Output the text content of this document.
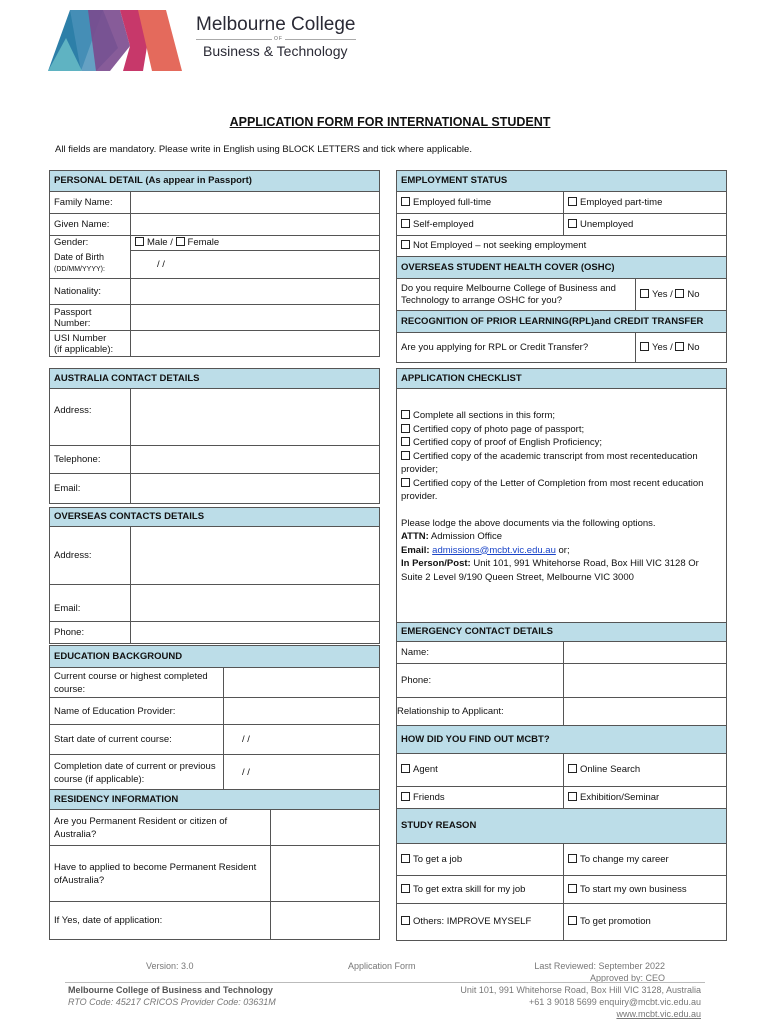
Melbourne College
OF
Business & Technology
APPLICATION FORM FOR INTERNATIONAL STUDENT
All fields are mandatory. Please write in English using BLOCK LETTERS and tick where applicable.
PERSONAL DETAIL (As appear in Passport)	
Family Name:	
Given Name:	
Gender:	Male / Female
Date of Birth
(DD/MM/YYYY):	/ /
Nationality:	
Passport
Number:	
USI Number
(if applicable):	
AUSTRALIA CONTACT DETAILS	
Address:	
Telephone:	
Email:	
OVERSEAS CONTACTS DETAILS	
Address:	
Email:	
Phone:	
EDUCATION BACKGROUND	
Current course or highest completed course:	
Name of Education Provider:	
Start date of current course:	/ /
Completion date of current or previous course (if applicable):	/ /
RESIDENCY INFORMATION	
Are you Permanent Resident or citizen of Australia?	
Have to applied to become Permanent Resident ofAustralia?	
If Yes, date of application:	
EMPLOYMENT STATUS		
Employed full-time	Employed part-time	
Self-employed	Unemployed	
Not Employed – not seeking employment		
OVERSEAS STUDENT HEALTH COVER (OSHC)		
Do you require Melbourne College of Business and Technology to arrange OSHC for you?		Yes / No
RECOGNITION OF PRIOR LEARNING(RPL)and CREDIT TRANSFER		
Are you applying for RPL or Credit Transfer?		Yes / No
APPLICATION CHECKLIST

Complete all sections in this form;
Certified copy of photo page of passport;
Certified copy of proof of English Proficiency;
Certified copy of the academic transcript from most recenteducation provider;
Certified copy of the Letter of Completion from most recent education provider.
Please lodge the above documents via the following options.
ATTN: Admission Office
Email: admissions@mcbt.vic.edu.au or;
In Person/Post: Unit 101, 991 Whitehorse Road, Box Hill VIC 3128 Or
Suite 2 Level 9/190 Queen Street, Melbourne VIC 3000
EMERGENCY CONTACT DETAILS	
Name:	
Phone:	
Relationship to Applicant:	
HOW DID YOU FIND OUT MCBT?	
Agent	Online Search
Friends	Exhibition/Seminar
STUDY REASON	
To get a job	To change my career
To get extra skill for my job	To start my own business
Others: IMPROVE MYSELF	To get promotion
Version: 3.0	Application Form	Last Reviewed: September 2022
Approved by: CEO
Melbourne College of Business and Technology
RTO Code: 45217 CRICOS Provider Code: 03631M
Unit 101, 991 Whitehorse Road, Box Hill VIC 3128, Australia
+61 3 9018 5699 enquiry@mcbt.vic.edu.au
www.mcbt.vic.edu.au
